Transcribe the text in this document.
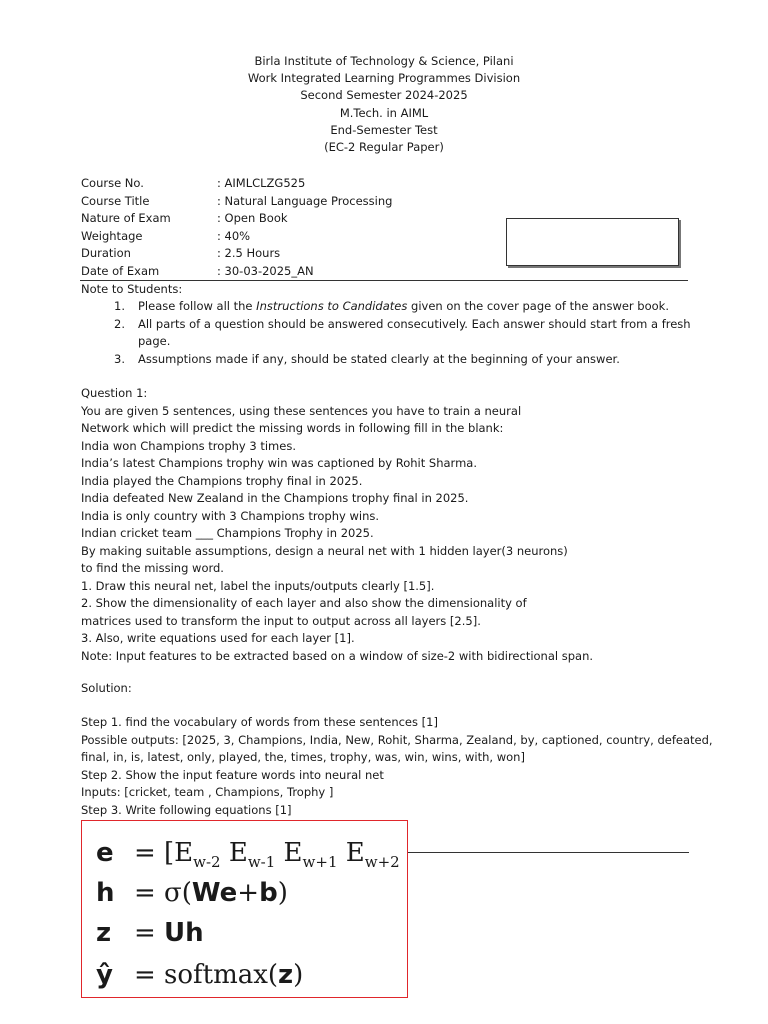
Birla Institute of Technology & Science, Pilani
Work Integrated Learning Programmes Division
Second Semester 2024-2025
M.Tech. in AIML
End-Semester Test
(EC-2 Regular Paper)
Course No.	: AIMLCLZG525
Course Title	: Natural Language Processing
Nature of Exam	: Open Book
Weightage	: 40%
Duration	: 2.5 Hours
Date of Exam	: 30-03-2025_AN
Note to Students:
1. Please follow all the Instructions to Candidates given on the cover page of the answer book.
2. All parts of a question should be answered consecutively. Each answer should start from a fresh page.
3. Assumptions made if any, should be stated clearly at the beginning of your answer.
Question 1:
You are given 5 sentences, using these sentences you have to train a neural
Network which will predict the missing words in following fill in the blank:
India won Champions trophy 3 times.
India’s latest Champions trophy win was captioned by Rohit Sharma.
India played the Champions trophy final in 2025.
India defeated New Zealand in the Champions trophy final in 2025.
India is only country with 3 Champions trophy wins.
Indian cricket team ___ Champions Trophy in 2025.
By making suitable assumptions, design a neural net with 1 hidden layer(3 neurons)
to find the missing word.
1. Draw this neural net, label the inputs/outputs clearly [1.5].
2. Show the dimensionality of each layer and also show the dimensionality of
matrices used to transform the input to output across all layers [2.5].
3. Also, write equations used for each layer [1].
Note: Input features to be extracted based on a window of size-2 with bidirectional span.
Solution:
Step 1. find the vocabulary of words from these sentences [1]
Possible outputs: [2025, 3, Champions, India, New, Rohit, Sharma, Zealand, by, captioned, country, defeated,
final, in, is, latest, only, played, the, times, trophy, was, win, wins, with, won]
Step 2. Show the input feature words into neural net
Inputs: [cricket, team , Champions, Trophy ]
Step 3. Write following equations [1]
$e = [E_{w-2}$ $E_{w-1}$ $E_{w+1}$ $E_{w+2}$
h = σ(We+b)
z = Uh
ŷ = softmax(z)
